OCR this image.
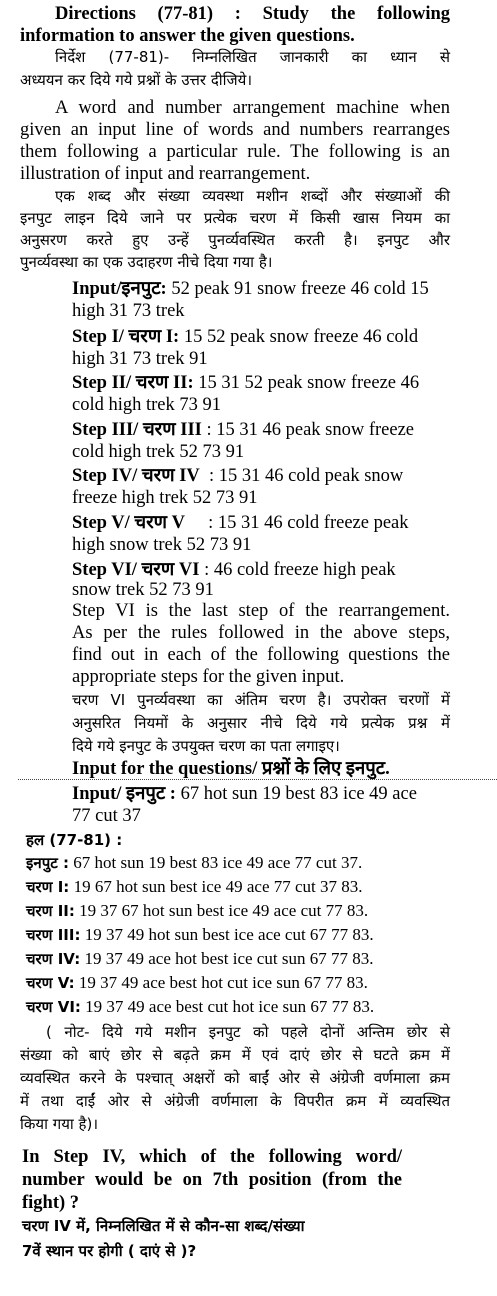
Directions (77-81) : Study the following
information to answer the given questions.
निर्देश (77-81)- निम्नलिखित जानकारी का ध्यान से
अध्ययन कर दिये गये प्रश्नों के उत्तर दीजिये।
A word and number arrangement machine when
given an input line of words and numbers rearranges
them following a particular rule. The following is an
illustration of input and rearrangement.
एक शब्द और संख्या व्यवस्था मशीन शब्दों और संख्याओं की
इनपुट लाइन दिये जाने पर प्रत्येक चरण में किसी खास नियम का
अनुसरण करते हुए उन्हें पुनर्व्यवस्थित करती है। इनपुट और
पुनर्व्यवस्था का एक उदाहरण नीचे दिया गया है।
Input/इनपुट: 52 peak 91 snow freeze 46 cold 15
high 31 73 trek
Step I/ चरण I: 15 52 peak snow freeze 46 cold
high 31 73 trek 91
Step II/ चरण II: 15 31 52 peak snow freeze 46
cold high trek 73 91
Step III/ चरण III : 15 31 46 peak snow freeze
cold high trek 52 73 91
Step IV/ चरण IV  : 15 31 46 cold peak snow
freeze high trek 52 73 91
Step V/ चरण V     : 15 31 46 cold freeze peak
high snow trek 52 73 91
Step VI/ चरण VI : 46 cold freeze high peak
snow trek 52 73 91
Step VI is the last step of the rearrangement.
As per the rules followed in the above steps,
find out in each of the following questions the
appropriate steps for the given input.
चरण VI पुनर्व्यवस्था का अंतिम चरण है। उपरोक्त चरणों में
अनुसरित नियमों के अनुसार नीचे दिये गये प्रत्येक प्रश्न में
दिये गये इनपुट के उपयुक्त चरण का पता लगाइए।
Input for the questions/ प्रश्नों के लिए इनपुट.
Input/ इनपुट : 67 hot sun 19 best 83 ice 49 ace
77 cut 37
हल (77-81) :
इनपुट : 67 hot sun 19 best 83 ice 49 ace 77 cut 37.
चरण I: 19 67 hot sun best ice 49 ace 77 cut 37 83.
चरण II: 19 37 67 hot sun best ice 49 ace cut 77 83.
चरण III: 19 37 49 hot sun best ice ace cut 67 77 83.
चरण IV: 19 37 49 ace hot best ice cut sun 67 77 83.
चरण V: 19 37 49 ace best hot cut ice sun 67 77 83.
चरण VI: 19 37 49 ace best cut hot ice sun 67 77 83.
( नोट- दिये गये मशीन इनपुट को पहले दोनों अन्तिम छोर से
संख्या को बाएं छोर से बढ़ते क्रम में एवं दाएं छोर से घटते क्रम में
व्यवस्थित करने के पश्चात् अक्षरों को बाईं ओर से अंग्रेजी वर्णमाला क्रम
में तथा दाईं ओर से अंग्रेजी वर्णमाला के विपरीत क्रम में व्यवस्थित
किया गया है)।
In Step IV, which of the following word/
number would be on 7th position (from the
fight) ?
चरण IV में, निम्नलिखित में से कौन-सा शब्द/संख्या
7वें स्थान पर होगी ( दाएं से )?
